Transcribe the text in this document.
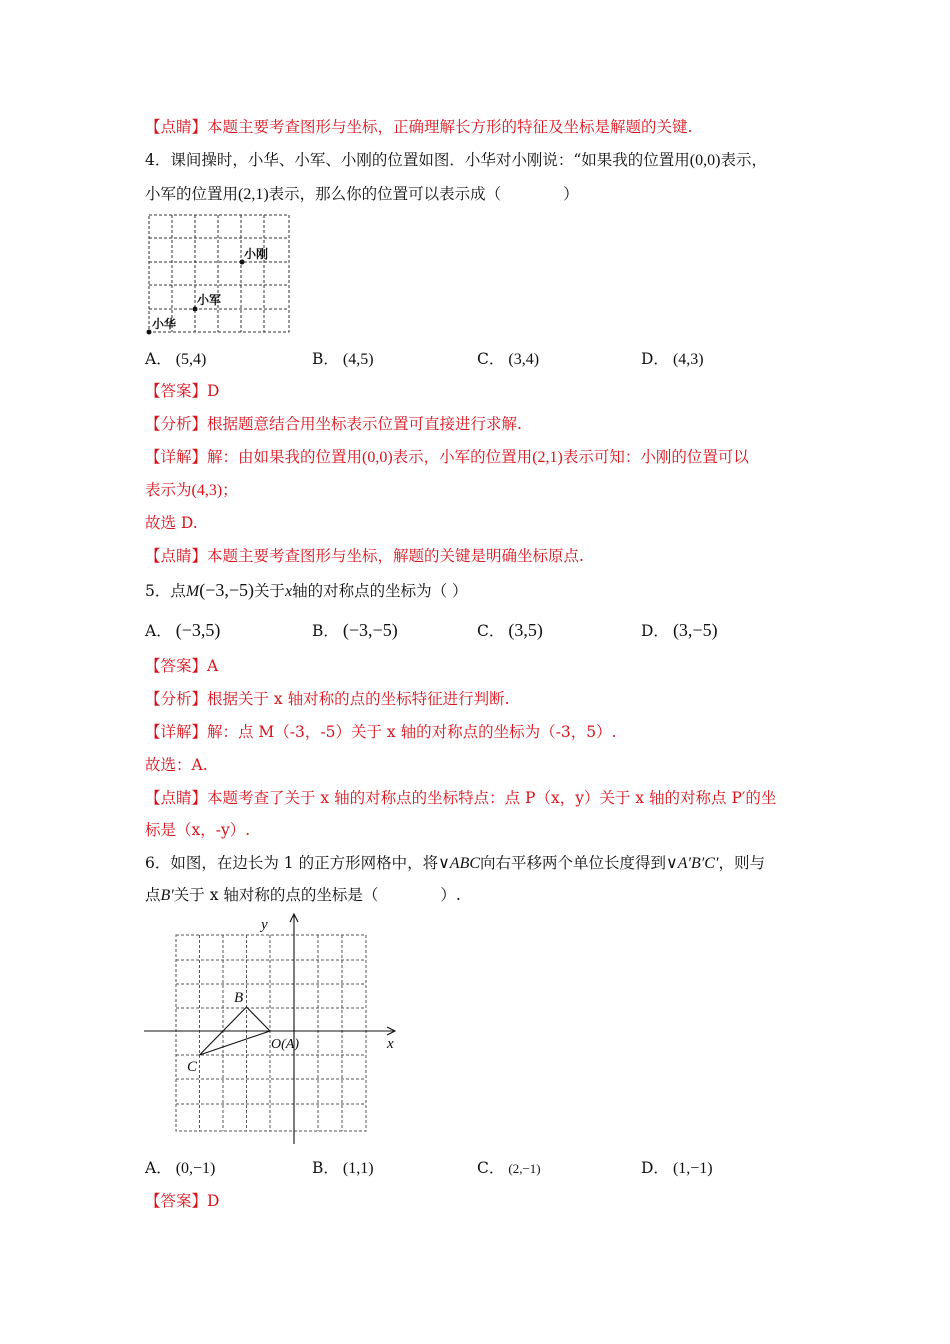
【点睛】本题主要考查图形与坐标，正确理解长方形的特征及坐标是解题的关键.
4．课间操时，小华、小军、小刚的位置如图．小华对小刚说：“如果我的位置用(0,0)表示，
小军的位置用(2,1)表示，那么你的位置可以表示成（　　　　）
小刚
小军
小华
A． (5,4)	B． (4,5)	C． (3,4)	D． (4,3)
【答案】D
【分析】根据题意结合用坐标表示位置可直接进行求解.
【详解】解：由如果我的位置用(0,0)表示，小军的位置用(2,1)表示可知：小刚的位置可以
表示为(4,3)；
故选 D.
【点睛】本题主要考查图形与坐标，解题的关键是明确坐标原点.
5．点M(−3,−5)关于x轴的对称点的坐标为（ ）
A． (−3,5)	B． (−3,−5)	C． (3,5)	D． (3,−5)
【答案】A
【分析】根据关于 x 轴对称的点的坐标特征进行判断.
【详解】解：点 M（-3，-5）关于 x 轴的对称点的坐标为（-3，5）.
故选：A.
【点睛】本题考查了关于 x 轴的对称点的坐标特点：点 P（x，y）关于 x 轴的对称点 P′的坐
标是（x，-y）.
6．如图，在边长为 1 的正方形网格中，将∨ABC向右平移两个单位长度得到∨A′B′C′，则与
点B′关于 x 轴对称的点的坐标是（　　　　）.
y
x
B
C
O(A)
A． (0,−1)	B． (1,1)	C． (2,−1)	D． (1,−1)
【答案】D
